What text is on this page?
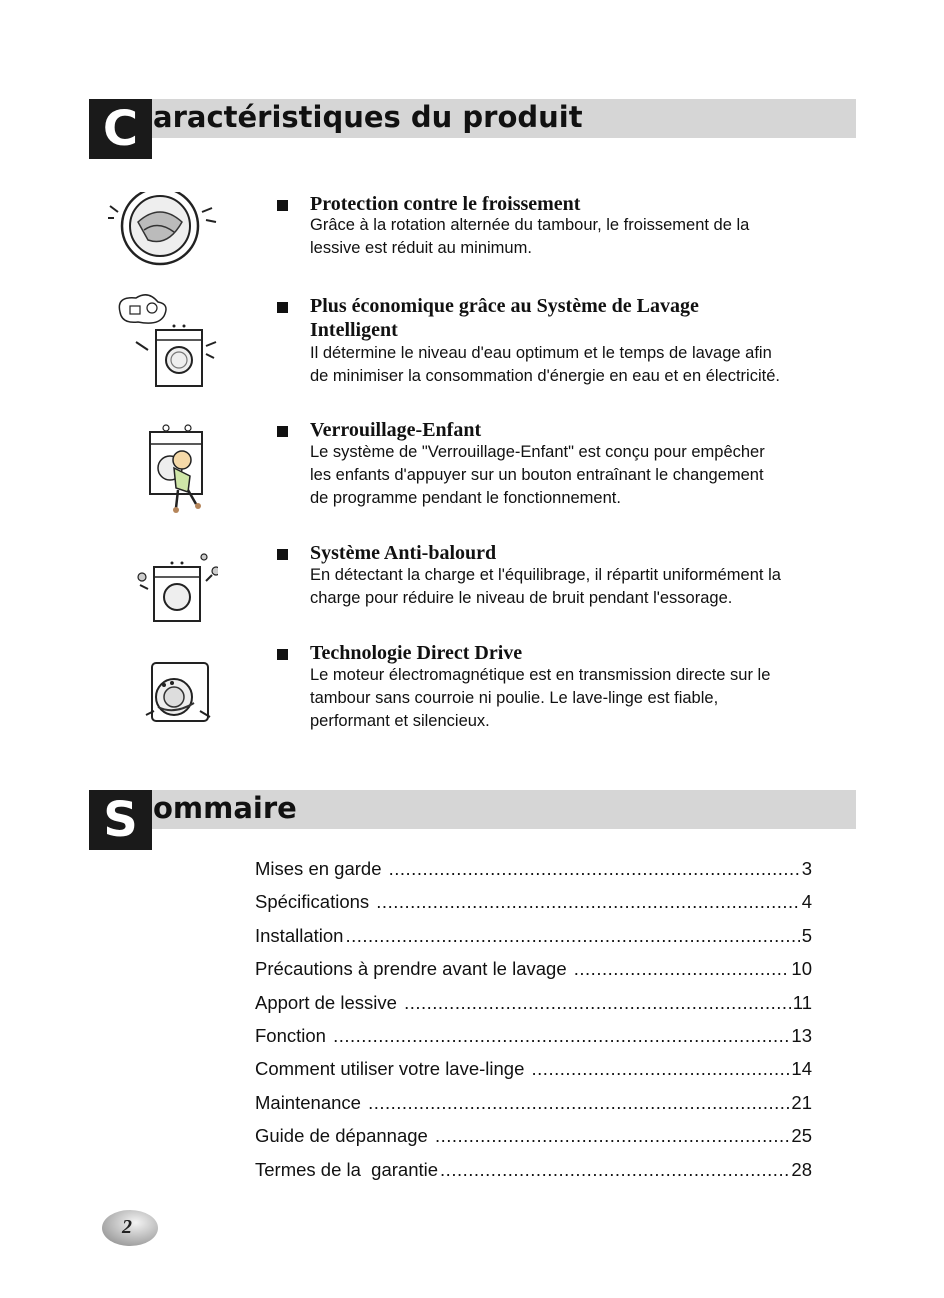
C aractéristiques du produit
Protection contre le froissement
Grâce à la rotation alternée du tambour, le froissement de la
lessive est réduit au minimum.
Plus économique grâce au Système de Lavage
Intelligent
Il détermine le niveau d'eau optimum et le temps de lavage afin
de minimiser la consommation d'énergie en eau et en électricité.
Verrouillage-Enfant
Le système de "Verrouillage-Enfant" est conçu pour empêcher
les enfants d'appuyer sur un bouton entraînant le changement
de programme pendant le fonctionnement.
Système Anti-balourd
En détectant la charge et l'équilibrage, il répartit uniformément la
charge pour réduire le niveau de bruit pendant l'essorage.
Technologie Direct Drive
Le moteur électromagnétique est en transmission directe sur le
tambour sans courroie ni poulie. Le lave-linge est fiable,
performant et silencieux.
S ommaire
Mises en garde .....	3
Spécifications .....	4
Installation .....	5
Précautions à prendre avant le lavage .....	10
Apport de lessive .....	11
Fonction .....	13
Comment utiliser votre lave-linge .....	14
Maintenance .....	21
Guide de dépannage .....	25
Termes de la  garantie .....	28
2
